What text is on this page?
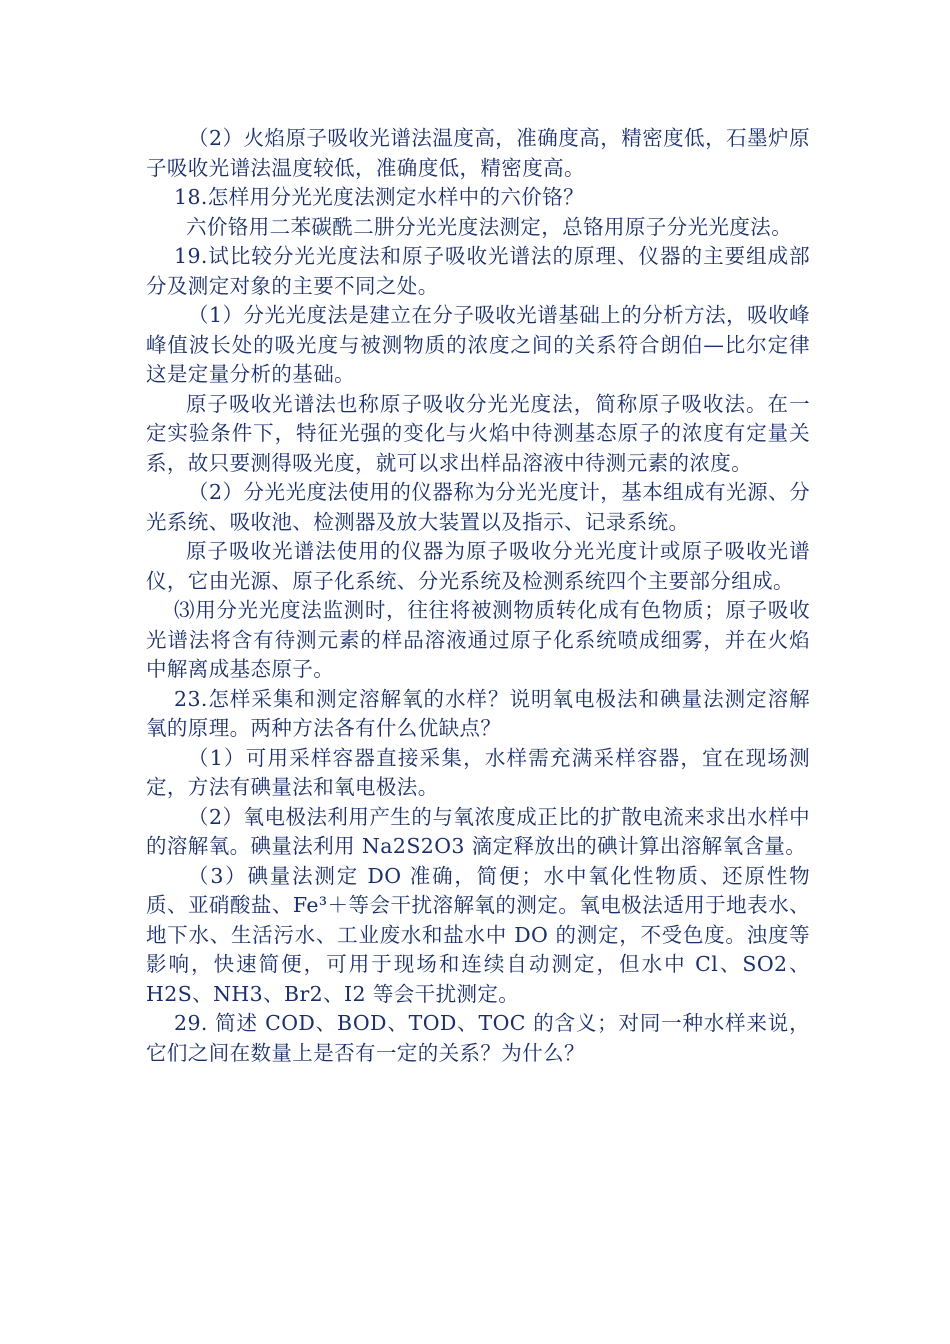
（2）火焰原子吸收光谱法温度高，准确度高，精密度低，石墨炉原子吸收光谱法温度较低，准确度低，精密度高。

18.怎样用分光光度法测定水样中的六价铬？

六价铬用二苯碳酰二肼分光光度法测定，总铬用原子分光光度法。

19.试比较分光光度法和原子吸收光谱法的原理、仪器的主要组成部分及测定对象的主要不同之处。

（1）分光光度法是建立在分子吸收光谱基础上的分析方法，吸收峰峰值波长处的吸光度与被测物质的浓度之间的关系符合朗伯—比尔定律这是定量分析的基础。

原子吸收光谱法也称原子吸收分光光度法，简称原子吸收法。在一定实验条件下，特征光强的变化与火焰中待测基态原子的浓度有定量关系，故只要测得吸光度，就可以求出样品溶液中待测元素的浓度。

（2）分光光度法使用的仪器称为分光光度计，基本组成有光源、分光系统、吸收池、检测器及放大装置以及指示、记录系统。

原子吸收光谱法使用的仪器为原子吸收分光光度计或原子吸收光谱仪，它由光源、原子化系统、分光系统及检测系统四个主要部分组成。

⑶用分光光度法监测时，往往将被测物质转化成有色物质；原子吸收光谱法将含有待测元素的样品溶液通过原子化系统喷成细雾，并在火焰中解离成基态原子。

23.怎样采集和测定溶解氧的水样？说明氧电极法和碘量法测定溶解氧的原理。两种方法各有什么优缺点？

（1）可用采样容器直接采集，水样需充满采样容器，宜在现场测定，方法有碘量法和氧电极法。

（2）氧电极法利用产生的与氧浓度成正比的扩散电流来求出水样中的溶解氧。碘量法利用 Na2S2O3 滴定释放出的碘计算出溶解氧含量。

（3）碘量法测定 DO 准确，简便；水中氧化性物质、还原性物质、亚硝酸盐、Fe³＋等会干扰溶解氧的测定。氧电极法适用于地表水、地下水、生活污水、工业废水和盐水中 DO 的测定，不受色度。浊度等影响，快速简便，可用于现场和连续自动测定，但水中 Cl、SO2、H2S、NH3、Br2、I2 等会干扰测定。

29. 简述 COD、BOD、TOD、TOC 的含义；对同一种水样来说，它们之间在数量上是否有一定的关系？为什么？
